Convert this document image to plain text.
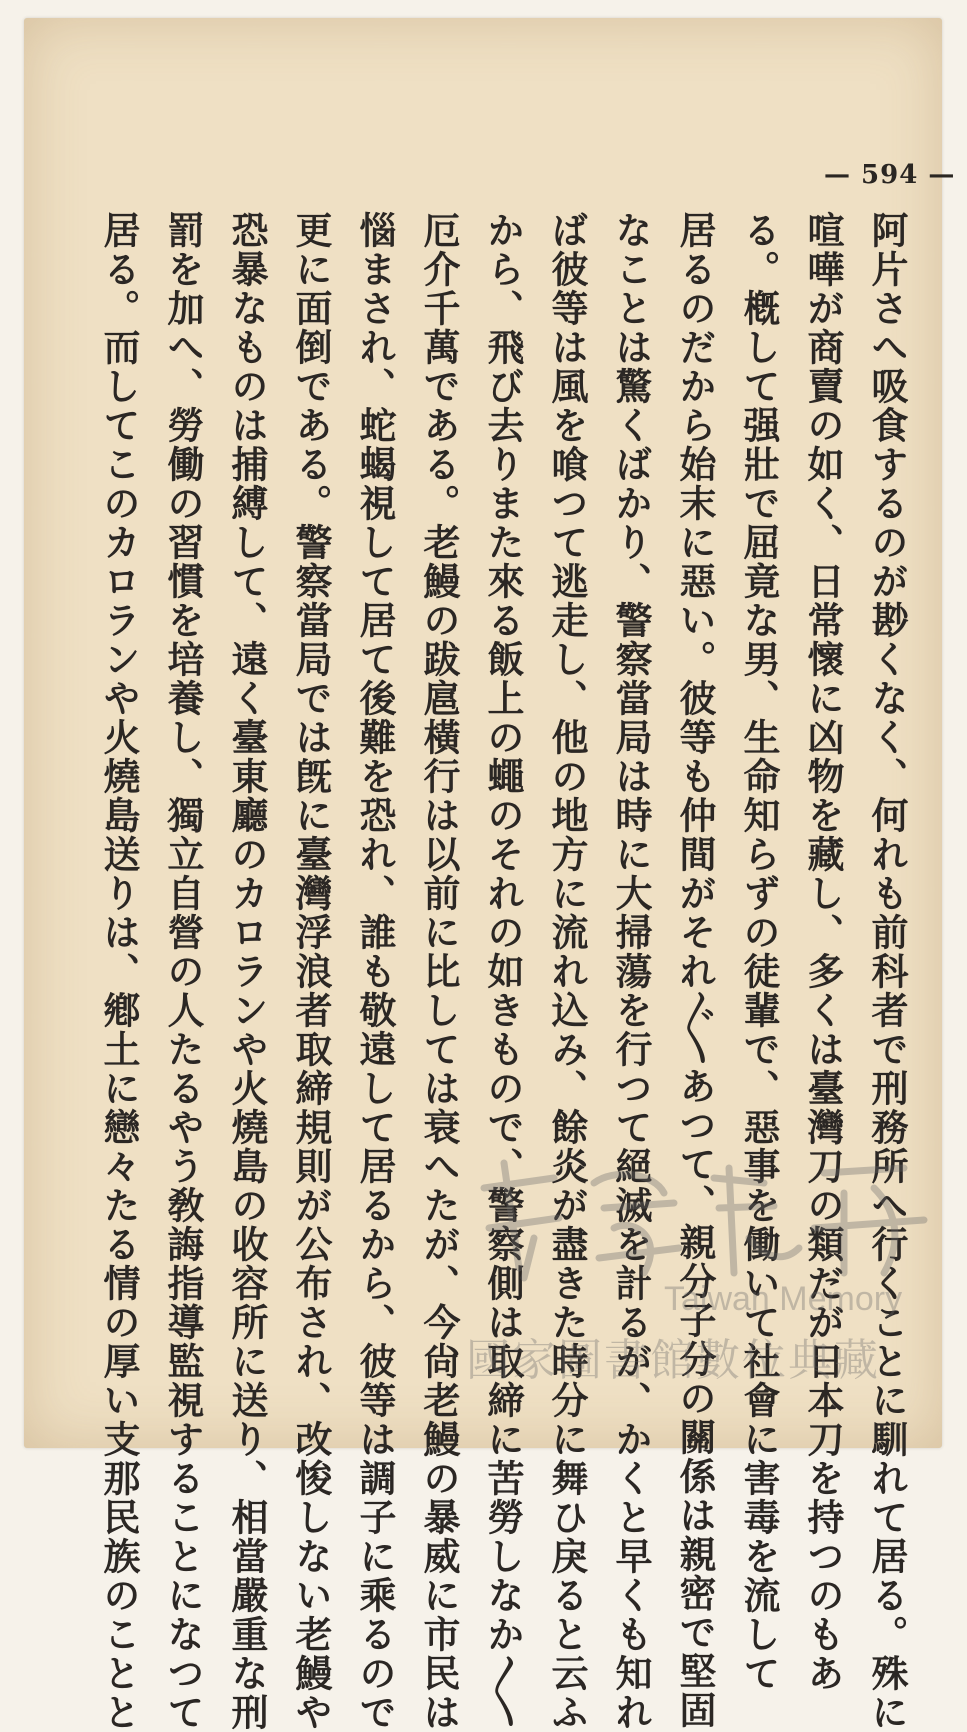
— 594 —

阿片さへ吸食するのが尠くなく、何れも前科者で刑務所へ行くことに馴れて居る。殊に

喧嘩が商賣の如く、日常懷に凶物を藏し、多くは臺灣刀の類だが日本刀を持つのもあ

る。槪して强壯で屈竟な男、生命知らずの徒輩で、惡事を働いて社會に害毒を流して

居るのだから始末に惡い。彼等も仲間がそれ〴〵あつて、親分子分の關係は親密で堅固

なことは驚くばかり、警察當局は時に大掃蕩を行つて絕滅を計るが、かくと早くも知れ

ば彼等は風を喰つて逃走し、他の地方に流れ込み、餘炎が盡きた時分に舞ひ戾ると云ふ

から、飛び去りまた來る飯上の蠅のそれの如きもので、警察側は取締に苦勞しなか〳〵

厄介千萬である。老鰻の跋扈橫行は以前に比しては衰へたが、今尙老鰻の暴威に市民は

惱まされ、蛇蝎視して居て後難を恐れ、誰も敬遠して居るから、彼等は調子に乘るので

更に面倒である。警察當局では旣に臺灣浮浪者取締規則が公布され、改悛しない老鰻や

恐暴なものは捕縛して、遠く臺東廳のカロランや火燒島の收容所に送り、相當嚴重な刑

罰を加へ、勞働の習慣を培養し、獨立自營の人たるやう敎誨指導監視することになつて

居る。而してこのカロランや火燒島送りは、鄕土に戀々たる情の厚い支那民族のことと	Taiwan Memory
國家圖書館數位典藏
